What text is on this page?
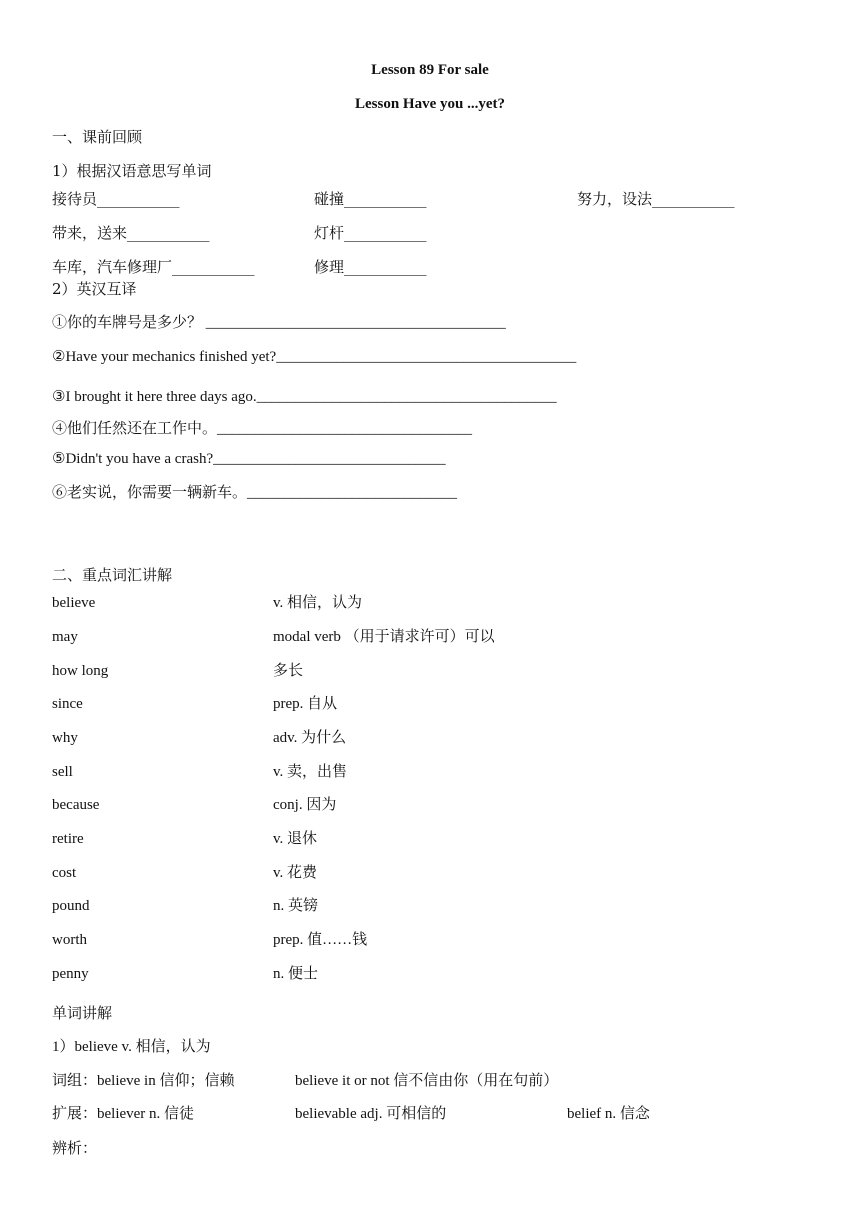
Lesson 89 For sale
Lesson Have you ...yet?
一、课前回顾
1）根据汉语意思写单词
接待员___________	碰撞___________	努力，设法___________
带来，送来___________	灯杆___________
车库，汽车修理厂___________	修理___________
2）英汉互译
①你的车牌号是多少？ ________________________________________
②Have your mechanics finished yet?________________________________________
③I brought it here three days ago.________________________________________
④他们任然还在工作中。__________________________________
⑤Didn't you have a crash?_______________________________
⑥老实说，你需要一辆新车。____________________________
二、重点词汇讲解
believe	v. 相信，认为
may	modal verb （用于请求许可）可以
how long	多长
since	prep. 自从
why	adv. 为什么
sell	v. 卖，出售
because	conj. 因为
retire	v. 退休
cost	v. 花费
pound	n. 英镑
worth	prep. 值……钱
penny	n. 便士
单词讲解
1）believe v. 相信，认为
词组：believe in 信仰；信赖	believe it or not 信不信由你（用在句前）
扩展：believer n. 信徒	believable adj. 可相信的	belief n. 信念
辨析：
